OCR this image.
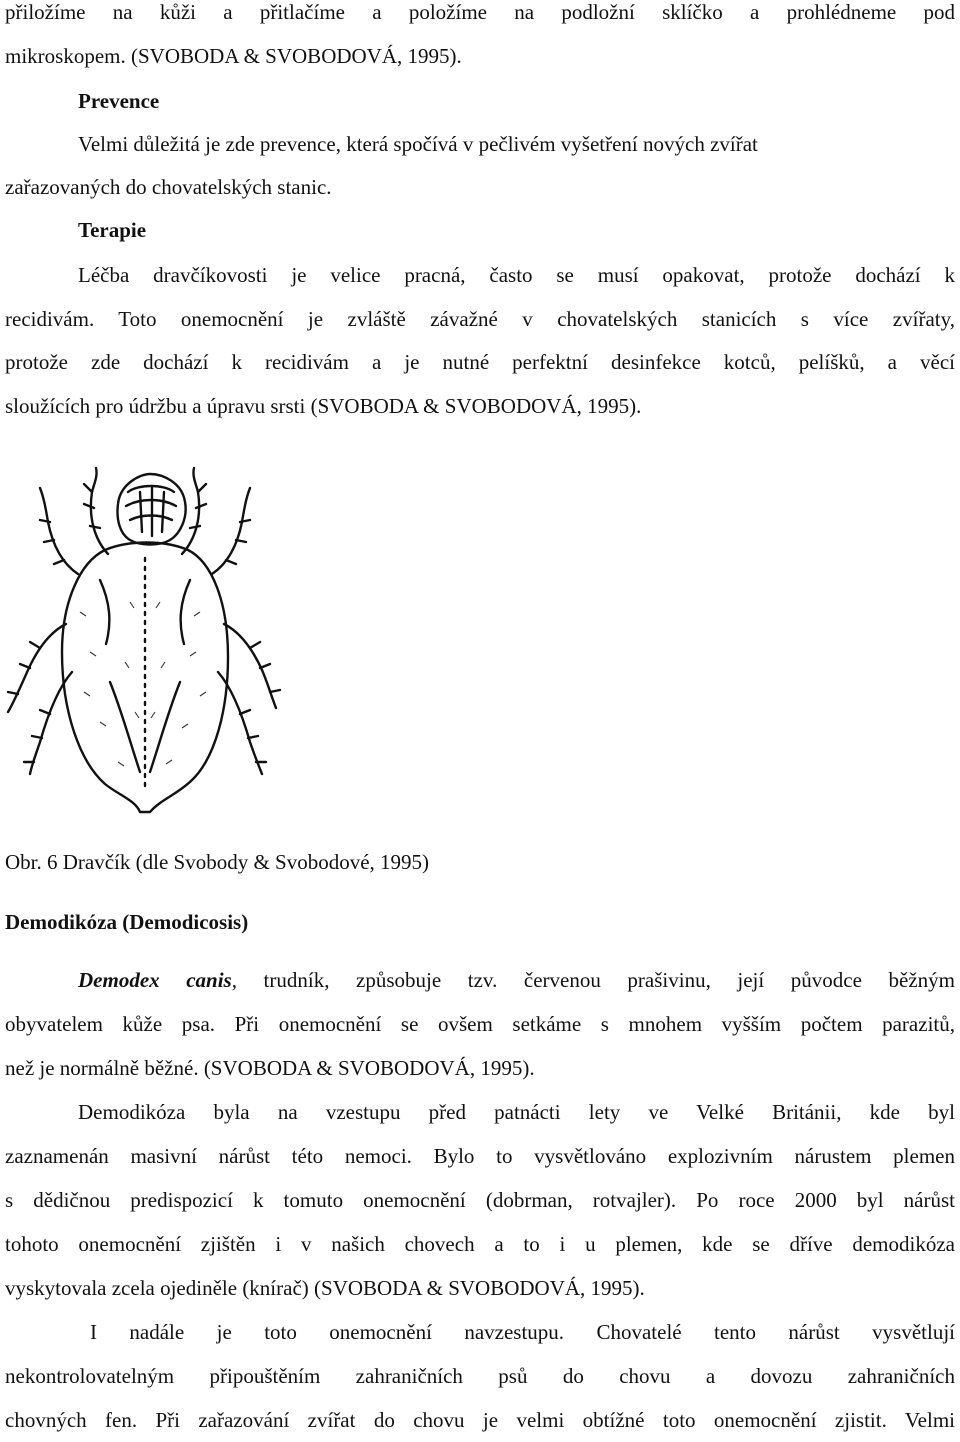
přiložíme na kůži a přitlačíme a položíme na podložní sklíčko a prohlédneme pod
mikroskopem. (SVOBODA & SVOBODOVÁ, 1995).
Prevence
Velmi důležitá je zde prevence, která spočívá v pečlivém vyšetření nových zvířat
zařazovaných do chovatelských stanic.
Terapie
Léčba dravčíkovosti je velice pracná, často se musí opakovat, protože dochází k
recidivám. Toto onemocnění je zvláště závažné v chovatelských stanicích s více zvířaty,
protože zde dochází k recidivám a je nutné perfektní desinfekce kotců, pelíšků, a věcí
sloužících pro údržbu a úpravu srsti (SVOBODA & SVOBODOVÁ, 1995).
Obr. 6 Dravčík (dle Svobody & Svobodové, 1995)
Demodikóza (Demodicosis)
Demodex canis, trudník, způsobuje tzv. červenou prašivinu, její původce běžným
obyvatelem kůže psa. Při onemocnění se ovšem setkáme s mnohem vyšším počtem parazitů,
než je normálně běžné. (SVOBODA & SVOBODOVÁ, 1995).
Demodikóza byla na vzestupu před patnácti lety ve Velké Británii, kde byl
zaznamenán masivní nárůst této nemoci. Bylo to vysvětlováno explozivním nárustem plemen
s dědičnou predispozicí k tomuto onemocnění (dobrman, rotvajler). Po roce 2000 byl nárůst
tohoto onemocnění zjištěn i v našich chovech a to i u plemen, kde se dříve demodikóza
vyskytovala zcela ojediněle (knírač) (SVOBODA & SVOBODOVÁ, 1995).
I nadále je toto onemocnění navzestupu. Chovatelé tento nárůst vysvětlují
nekontrolovatelným připouštěním zahraničních psů do chovu a dovozu zahraničních
chovných fen. Při zařazování zvířat do chovu je velmi obtížné toto onemocnění zjistit. Velmi
